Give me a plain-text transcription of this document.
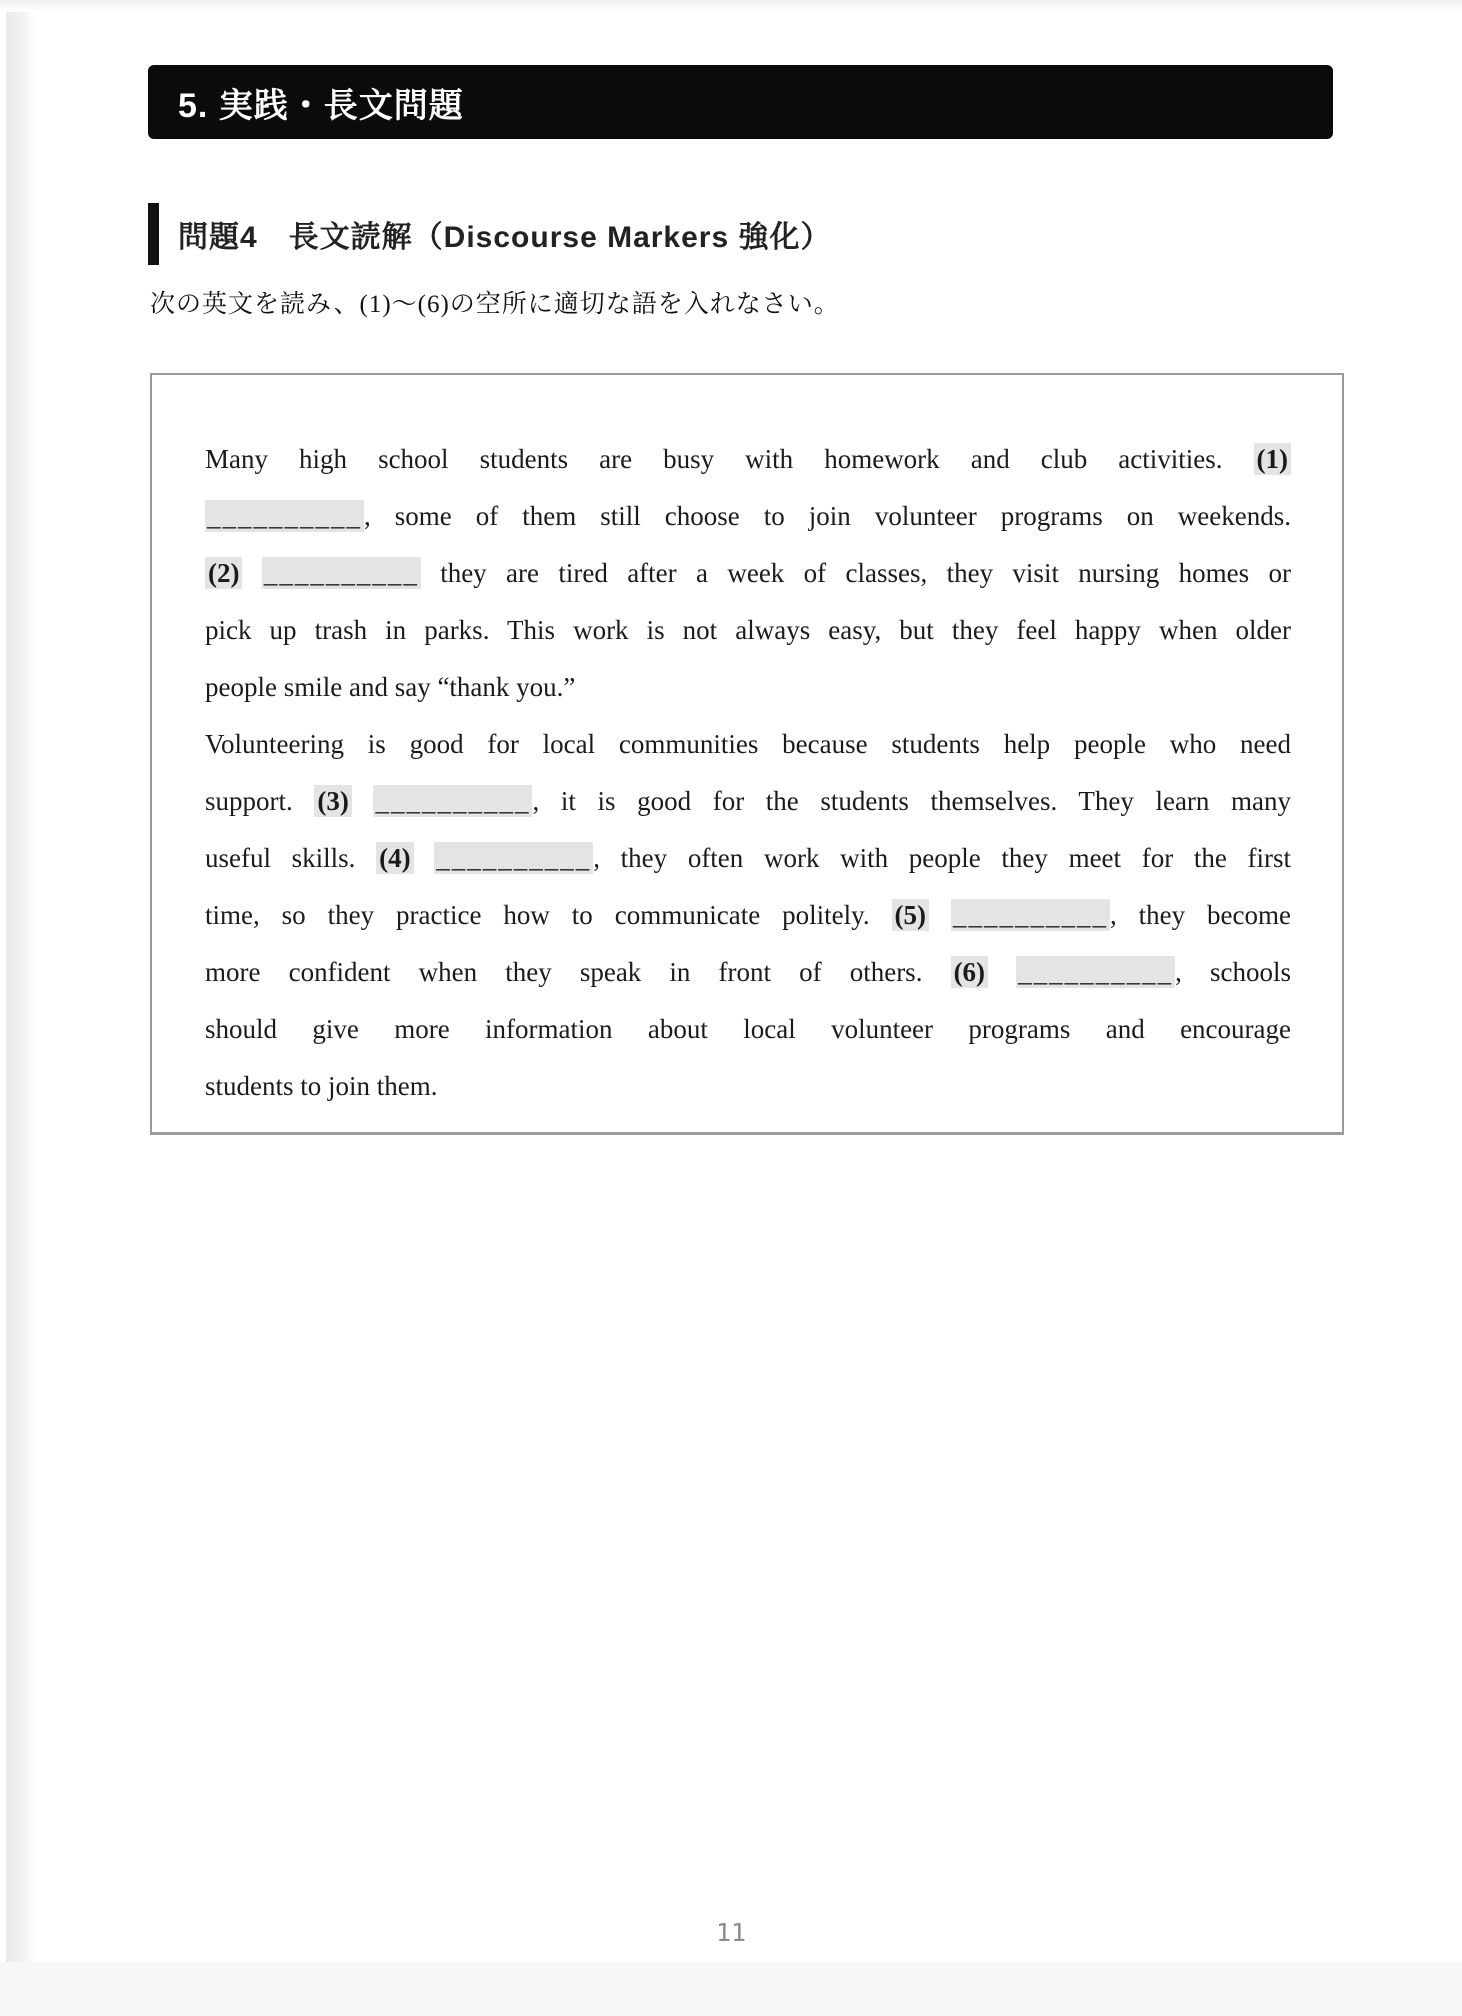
5. 実践・長文問題
問題4　長文読解（Discourse Markers 強化）
次の英文を読み、(1)～(6)の空所に適切な語を入れなさい。
Many high school students are busy with homework and club activities. (1)
__________, some of them still choose to join volunteer programs on weekends.
(2) __________ they are tired after a week of classes, they visit nursing homes or
pick up trash in parks. This work is not always easy, but they feel happy when older
people smile and say “thank you.”
Volunteering is good for local communities because students help people who need
support. (3) __________, it is good for the students themselves. They learn many
useful skills. (4) __________, they often work with people they meet for the first
time, so they practice how to communicate politely. (5) __________, they become
more confident when they speak in front of others. (6) __________, schools
should give more information about local volunteer programs and encourage
students to join them.
11
